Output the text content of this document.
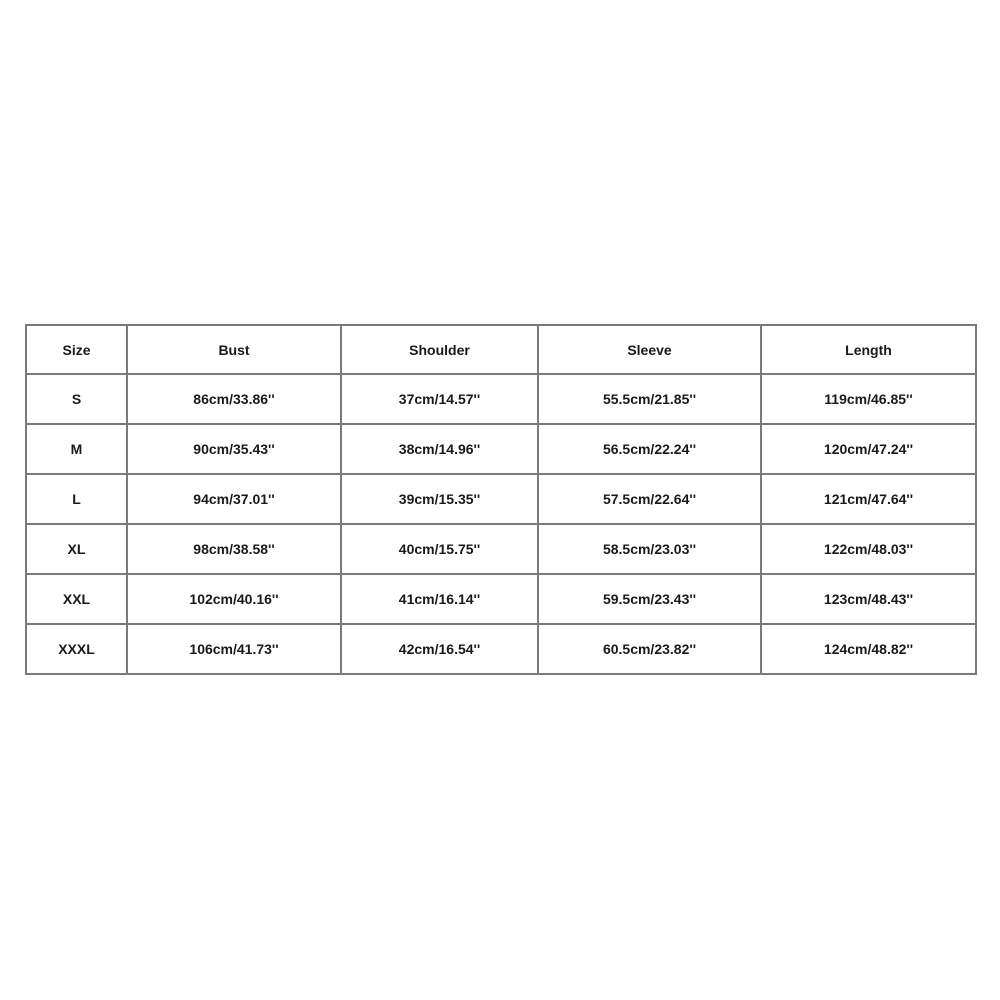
Size	Bust	Shoulder	Sleeve	Length
S	86cm/33.86''	37cm/14.57''	55.5cm/21.85''	119cm/46.85''
M	90cm/35.43''	38cm/14.96''	56.5cm/22.24''	120cm/47.24''
L	94cm/37.01''	39cm/15.35''	57.5cm/22.64''	121cm/47.64''
XL	98cm/38.58''	40cm/15.75''	58.5cm/23.03''	122cm/48.03''
XXL	102cm/40.16''	41cm/16.14''	59.5cm/23.43''	123cm/48.43''
XXXL	106cm/41.73''	42cm/16.54''	60.5cm/23.82''	124cm/48.82''
